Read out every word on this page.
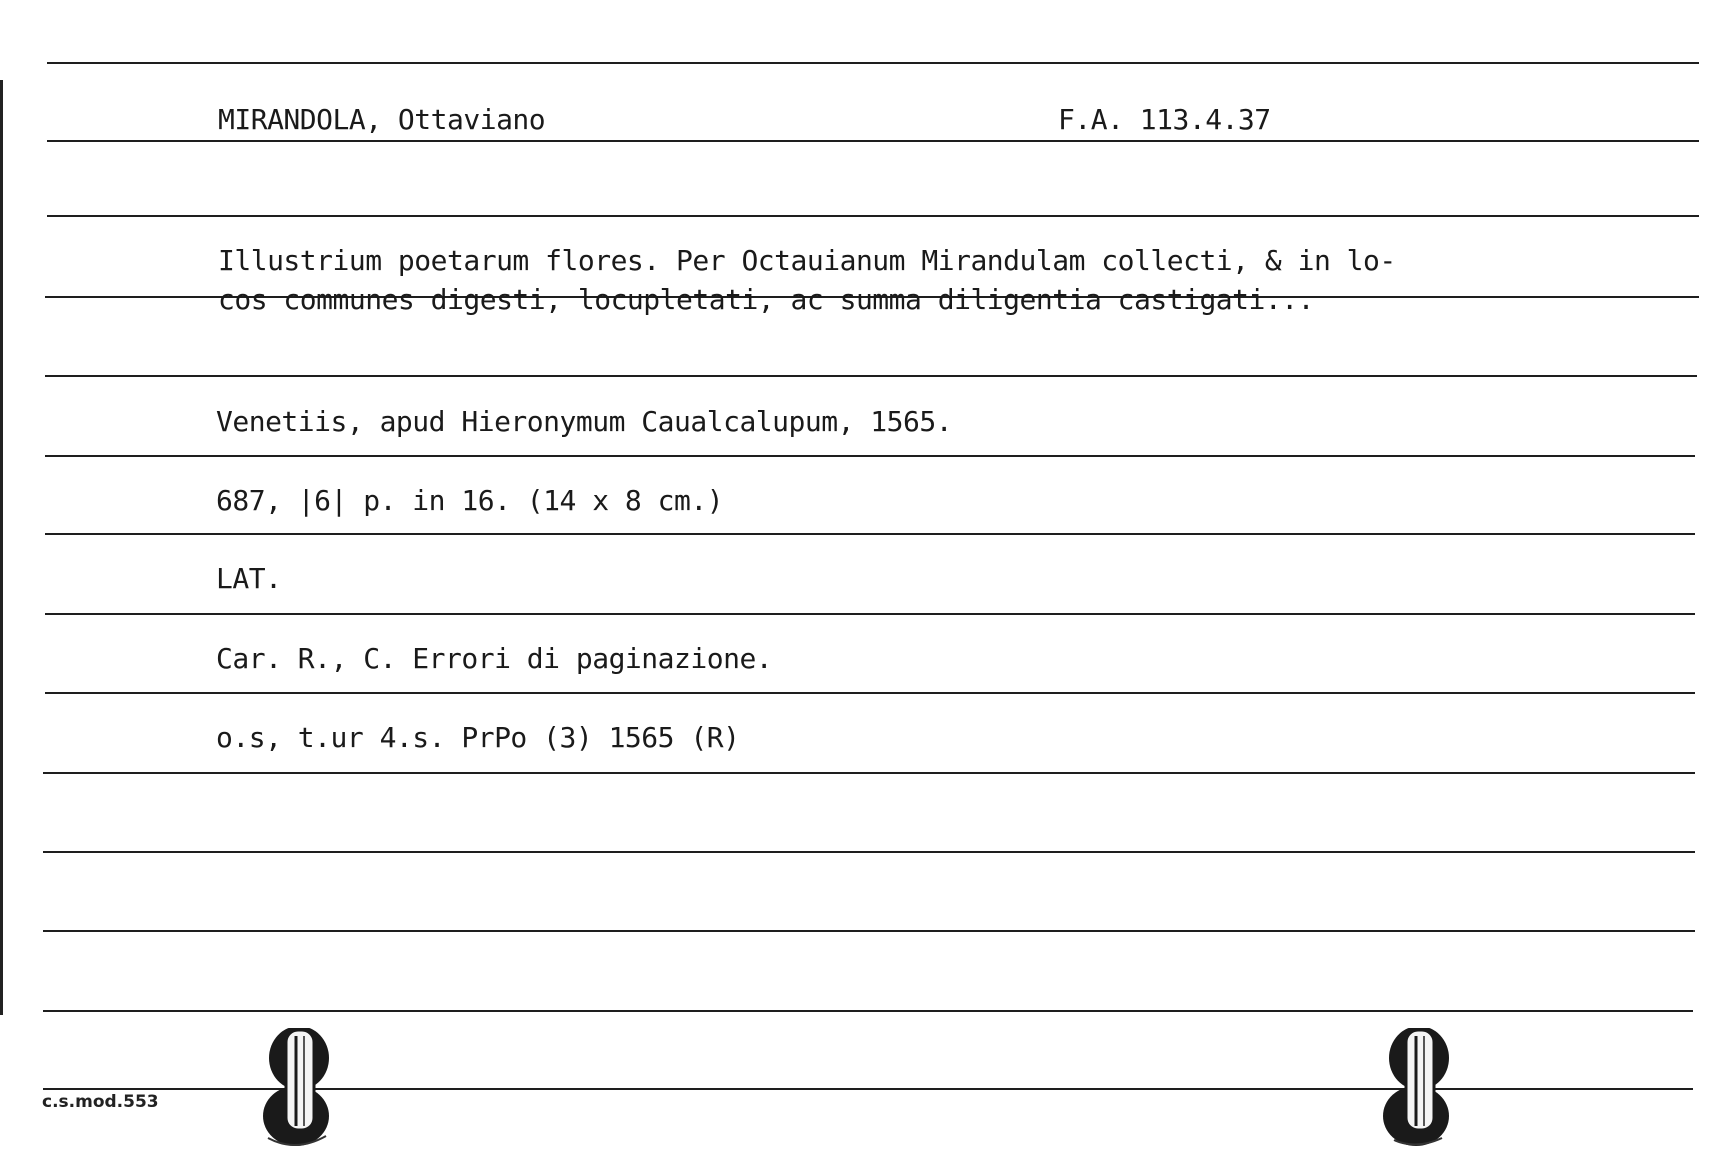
MIRANDOLA, Ottaviano	F.A. 113.4.37
Illustrium poetarum flores. Per Octauianum Mirandulam collecti, & in lo-
cos communes digesti, locupletati, ac summa diligentia castigati...
Venetiis, apud Hieronymum Caualcalupum, 1565.
687, |6| p. in 16. (14 x 8 cm.)
LAT.
Car. R., C. Errori di paginazione.
o.s, t.ur 4.s. PrPo (3) 1565 (R)
c.s.mod.553
